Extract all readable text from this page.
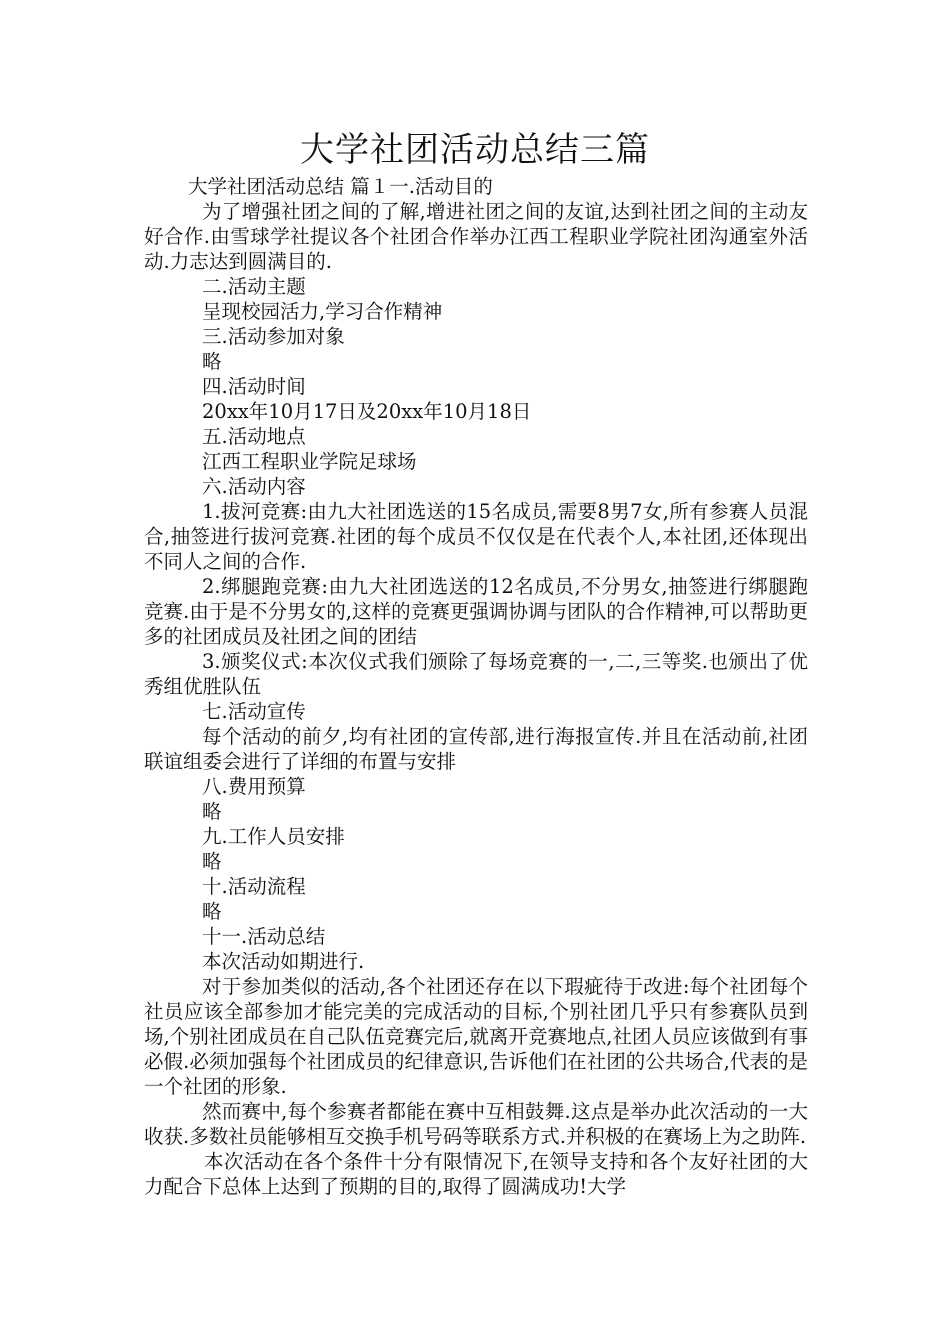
大学社团活动总结三篇

大学社团活动总结 篇１一.活动目的

为了增强社团之间的了解,增进社团之间的友谊,达到社团之间的主动友好合作.由雪球学社提议各个社团合作举办江西工程职业学院社团沟通室外活动.力志达到圆满目的.

二.活动主题

呈现校园活力,学习合作精神

三.活动参加对象

略

四.活动时间

20xx年10月17日及20xx年10月18日

五.活动地点

江西工程职业学院足球场

六.活动内容

1.拔河竞赛:由九大社团选送的15名成员,需要8男7女,所有参赛人员混合,抽签进行拔河竞赛.社团的每个成员不仅仅是在代表个人,本社团,还体现出不同人之间的合作.

2.绑腿跑竞赛:由九大社团选送的12名成员,不分男女,抽签进行绑腿跑竞赛.由于是不分男女的,这样的竞赛更强调协调与团队的合作精神,可以帮助更多的社团成员及社团之间的团结

3.颁奖仪式:本次仪式我们颁除了每场竞赛的一,二,三等奖.也颁出了优秀组优胜队伍

七.活动宣传

每个活动的前夕,均有社团的宣传部,进行海报宣传.并且在活动前,社团联谊组委会进行了详细的布置与安排

八.费用预算

略

九.工作人员安排

略

十.活动流程

略

十一.活动总结

本次活动如期进行.

对于参加类似的活动,各个社团还存在以下瑕疵待于改进:每个社团每个社员应该全部参加才能完美的完成活动的目标,个别社团几乎只有参赛队员到场,个别社团成员在自己队伍竞赛完后,就离开竞赛地点,社团人员应该做到有事必假.必须加强每个社团成员的纪律意识,告诉他们在社团的公共场合,代表的是一个社团的形象.

然而赛中,每个参赛者都能在赛中互相鼓舞.这点是举办此次活动的一大收获.多数社员能够相互交换手机号码等联系方式.并积极的在赛场上为之助阵.

本次活动在各个条件十分有限情况下,在领导支持和各个友好社团的大力配合下总体上达到了预期的目的,取得了圆满成功!大学
